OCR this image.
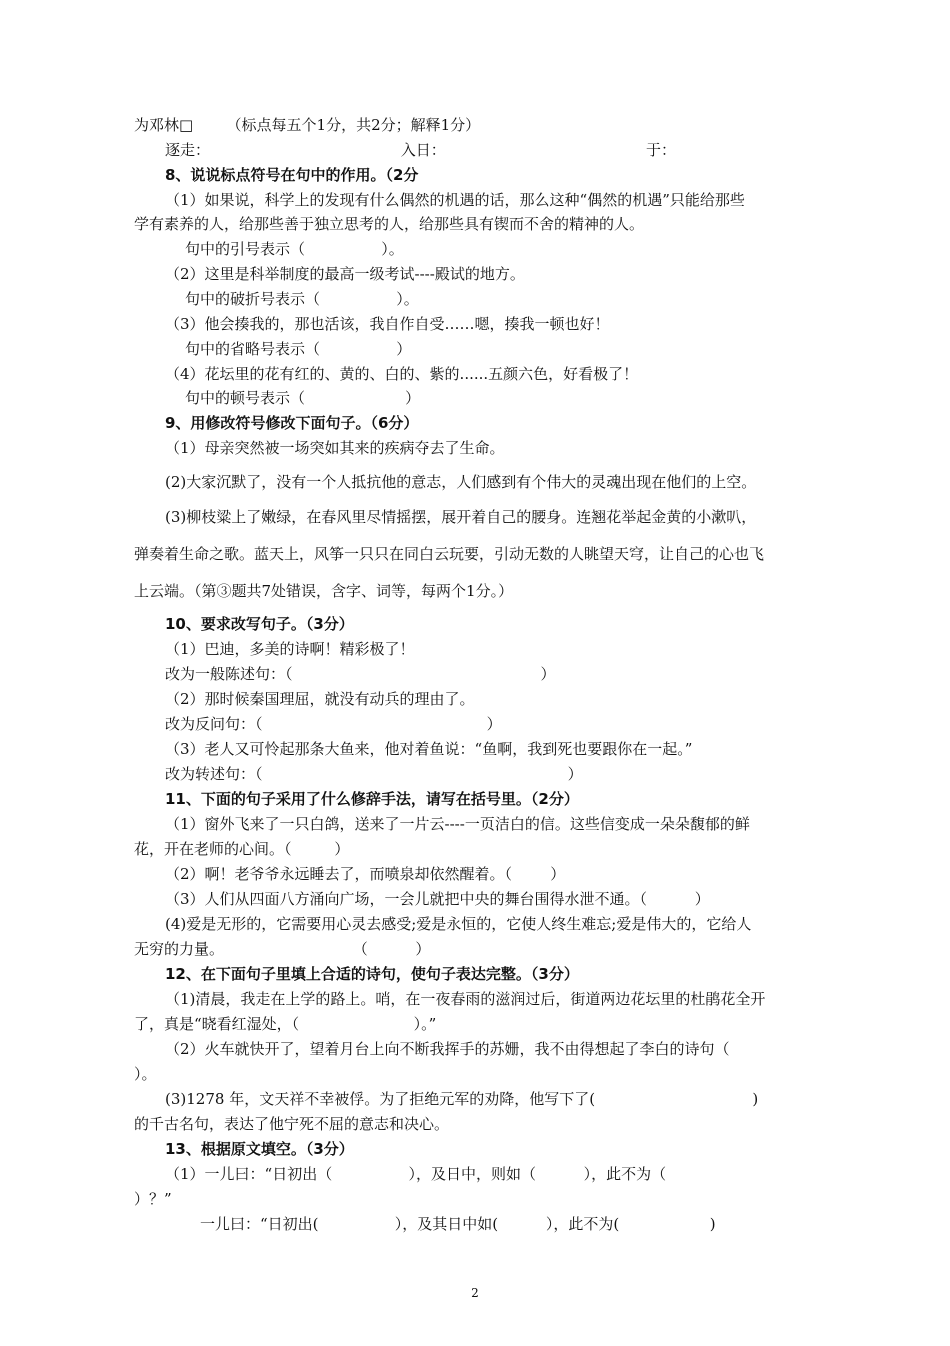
为邓林□       （标点每五个1分，共2分；解释1分）
逐走：                                        入日：                                          于：
8、说说标点符号在句中的作用。（2分
（1）如果说，科学上的发现有什么偶然的机遇的话，那么这种“偶然的机遇”只能给那些
学有素养的人，给那些善于独立思考的人，给那些具有锲而不舍的精神的人。
句中的引号表示（                ）。
（2）这里是科举制度的最高一级考试----殿试的地方。
句中的破折号表示（                ）。
（3）他会揍我的，那也活该，我自作自受……嗯，揍我一顿也好！
句中的省略号表示（                ）
（4）花坛里的花有红的、黄的、白的、紫的......五颜六色，好看极了！
句中的顿号表示（                     ）
9、用修改符号修改下面句子。（6分）
（1）母亲突然被一场突如其来的疾病夺去了生命。
(2)大家沉默了，没有一个人抵抗他的意志，人们感到有个伟大的灵魂出现在他们的上空。
(3)柳枝粱上了嫩绿，在春风里尽情摇摆，展开着自己的腰身。连翘花举起金黄的小漱叭，
弹奏着生命之歌。蓝天上，风筝一只只在同白云玩要，引动无数的人眺望天穹，让自己的心也飞
上云端。（第③题共7处错误，含字、词等，每两个1分。）
10、要求改写句子。（3分）
（1）巴迪，多美的诗啊！精彩极了！
改为一般陈述句：（                                                    ）
（2）那时候秦国理屈，就没有动兵的理由了。
改为反问句：（                                               ）
（3）老人又可怜起那条大鱼来，他对着鱼说：“鱼啊，我到死也要跟你在一起。”
改为转述句：（                                                                ）
11、下面的句子采用了什么修辞手法，请写在括号里。（2分）
（1）窗外飞来了一只白鸽，送来了一片云----一页洁白的信。这些信变成一朵朵馥郁的鲜
花，开在老师的心间。（         ）
（2）啊！老爷爷永远睡去了，而喷泉却依然醒着。（        ）
（3）人们从四面八方涌向广场，一会儿就把中央的舞台围得水泄不通。（          ）
(4)爱是无形的，它需要用心灵去感受;爱是永恒的，它使人终生难忘;爱是伟大的，它给人
无穷的力量。                           （          ）
12、在下面句子里填上合适的诗句，使句子表达完整。（3分）
（1)清晨，我走在上学的路上。哨，在一夜春雨的滋润过后，街道两边花坛里的杜鹃花全开
了，真是“晓看红湿处，（                        ）。”
（2）火车就快开了，望着月台上向不断我挥手的苏姗，我不由得想起了李白的诗句（
）。
(3)1278 年，文天祥不幸被俘。为了拒绝元军的劝降，他写下了(                                 )
的千古名句，表达了他宁死不屈的意志和决心。
13、根据原文填空。（3分）
（1）一儿曰：“日初出（                ），及日中，则如（          ），此不为（
）？”
一儿曰：“日初出(                ），及其日中如(          ），此不为(                   )
2
